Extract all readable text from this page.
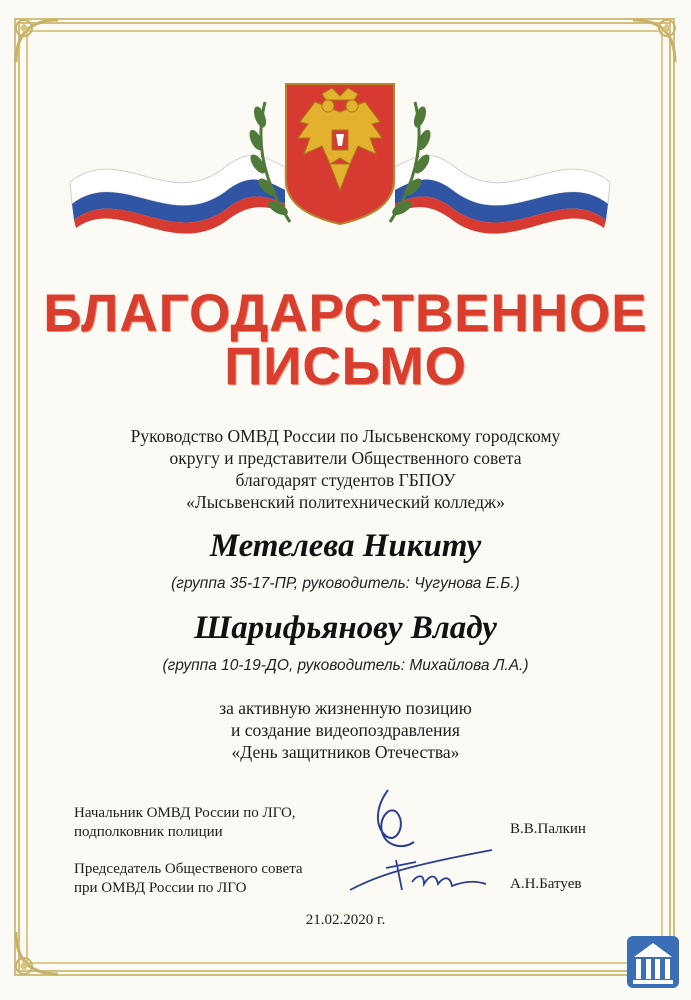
БЛАГОДАРСТВЕННОЕ
ПИСЬМО
Руководство ОМВД России по Лысьвенскому городскому
округу и представители Общественного совета
благодарят студентов ГБПОУ
«Лысьвенский политехнический колледж»
Метелева Никиту
(группа 35-17-ПР, руководитель: Чугунова Е.Б.)
Шарифьянову Владу
(группа 10-19-ДО, руководитель: Михайлова Л.А.)
за активную жизненную позицию
и создание видеопоздравления
«День защитников Отечества»
Начальник ОМВД России по ЛГО,
подполковник полиции	В.В.Палкин
Председатель Общественого совета
при ОМВД России по ЛГО	А.Н.Батуев
21.02.2020 г.
